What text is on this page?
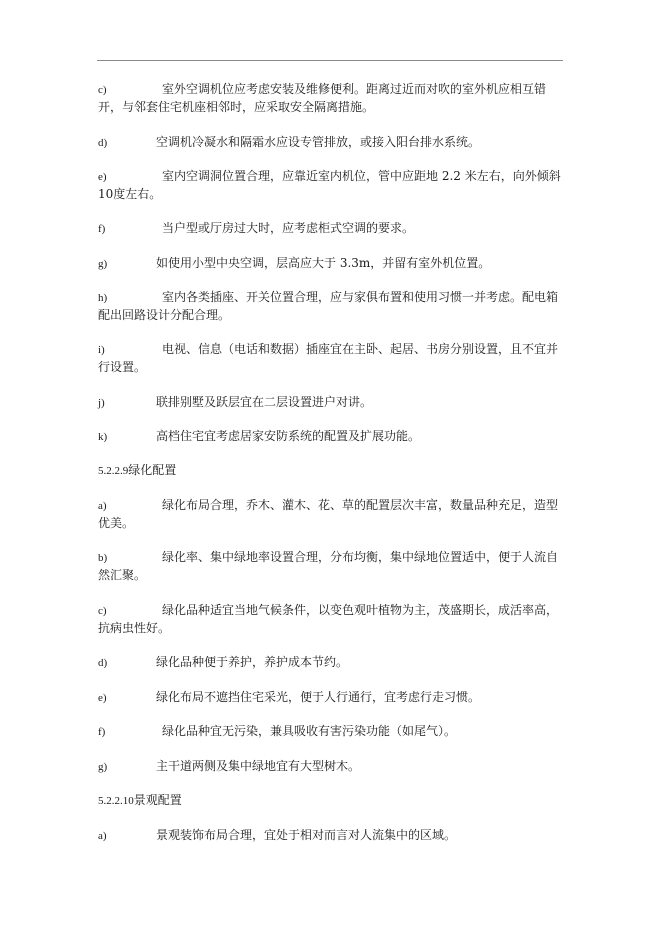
c)	室外空调机位应考虑安装及维修便利。距离过近而对吹的室外机应相互错开，与邻套住宅机座相邻时，应采取安全隔离措施。
d)	空调机冷凝水和隔霜水应设专管排放，或接入阳台排水系统。
e)	室内空调洞位置合理，应靠近室内机位，管中应距地 2.2 米左右，向外倾斜 10度左右。
f)	当户型或厅房过大时，应考虑柜式空调的要求。
g)	如使用小型中央空调，层高应大于 3.3m，并留有室外机位置。
h)	室内各类插座、开关位置合理，应与家俱布置和使用习惯一并考虑。配电箱配出回路设计分配合理。
i)	电视、信息（电话和数据）插座宜在主卧、起居、书房分别设置，且不宜并行设置。
j)	联排别墅及跃层宜在二层设置进户对讲。
k)	高档住宅宜考虑居家安防系统的配置及扩展功能。
5.2.2.9绿化配置
a)	绿化布局合理，乔木、灌木、花、草的配置层次丰富，数量品种充足，造型优美。
b)	绿化率、集中绿地率设置合理，分布均衡，集中绿地位置适中，便于人流自然汇聚。
c)	绿化品种适宜当地气候条件，以变色观叶植物为主，茂盛期长，成活率高，抗病虫性好。
d)	绿化品种便于养护，养护成本节约。
e)	绿化布局不遮挡住宅采光，便于人行通行，宜考虑行走习惯。
f)	绿化品种宜无污染，兼具吸收有害污染功能（如尾气）。
g)	主干道两侧及集中绿地宜有大型树木。
5.2.2.10景观配置
a)	景观装饰布局合理，宜处于相对而言对人流集中的区域。
